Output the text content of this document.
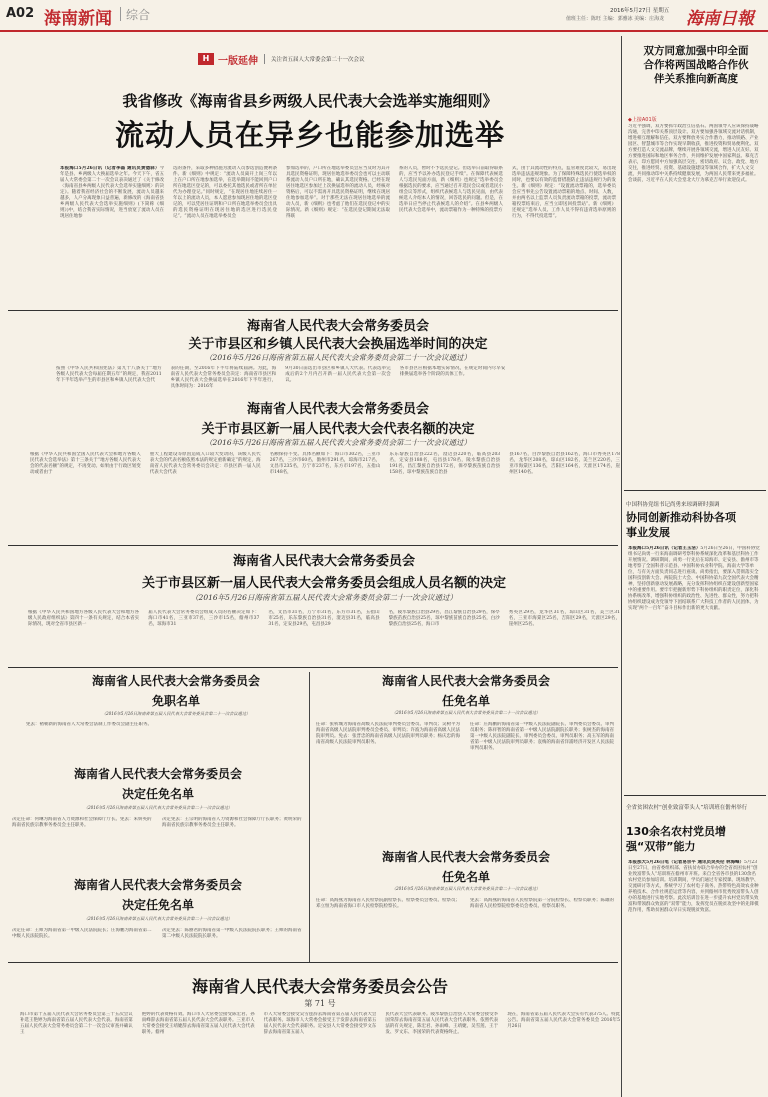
A02 海南新闻 综合	2016年5月27日 星期五
值班主任：陈旺 主编：郭雅冰 美编：庄海龙 海南日報
H 一版延伸 关注省五届人大常委会第二十一次会议
我省修改《海南省县乡两级人民代表大会选举实施细则》
流动人员在异乡也能参加选举
本报海口5月26日讯（记者李磊 通讯员黄德驿）今年是县、乡两级人大换届选举之年。今天下午，省五届人大常委会第二十一次会议表决通过了《关于修改〈海南省县乡两级人民代表大会选举实施细则〉的决定》。随着我省经济社会的不断发展，流动人员越来越多，人户分离现象日益普遍，新修改的《海南省县乡两级人民代表大会选举实施细则》(下简称《细则》)中，结合我省实际情况，进当放宽了流动人员在现居住地参
选的条件，采取多种措施为流动人员参选创造便利条件。新《细则》中规定：“流动人员离开上岗三年以上在户口所在地参加选举，在选举期间不能回到户口所在地选区登记的，可以委托其他选民或者所在单位代为办理登记。”同时规定，“在现居住地连续居住一年以上的流动人员，本人愿意参加现居住地的选区登记的，可以凭居住证明和户口所在地选举委员会出具的选民资格证明在现居住地的选区进行选民登记”。“流动人员在地选举委员会
参加选举的，户口所在地选举委员会应当及时为其开具选民资格证明，现居住地选举委员会也可以主动联系流动人员户口所在地，确认其选民资格。已经在现居住地选区参加过上次换届选举的流动人员，经核对资格后，可以不需再开具选民资格证明，继续在现居住地参加选举”。对于那些无法在现居住地选举的流动人员，新《细则》也考虑了他们在选民登记中的实际情况。新《细则》规定：“在选民登记期间无法取得联
系的人员，暂时不予选民登记。但选举日前取得联系的，应当予以补办选民登记手续”。在保障代表候选人与选民见面方面，新《细则》也规定“选举委员会根据选民的要求，应当通过召开选民会议或者选民小组会议等形式，组织代表候选人与选民见面，由代表候选人介绍本人的情况，回答选民的问题。但是，在选举日应当停止代表候选人的介绍”。在县乡两级人民代表大会选举中，流动票箱作为一种特殊的投票方
式，由于其流动性的特点，监管难度比较大，易出现选举违法违规现象。为了保障特殊选民行使选举权的同时，也要以有效的监督措施防止违法违规行为的发生。新《细则》规定：“设置流动票箱的，选举委员会应当事先公告设置流动票箱的地点、时间、人数，并由两名以上监票人员负责流动票箱的投票，流动票箱投票结束后，应当立即送回投票站”。新《细则》还规定“选举人员、工作人员不得有违背选举原则的行为，不得代投选票”。
海南省人民代表大会常务委员会
关于市县区和乡镇人民代表大会换届选举时间的决定
（2016年5月26日海南省第五届人民代表大会常务委员会第二十一次会议通过）
按照《中华人民共和国宪法》第九十八条关于“地方各级人民代表大会每届任期五年”的规定，我省2011年下半年选举产生的市县区和乡镇人民代表大会代
表的任期，至2016年下半年将陆续届满。为此，海南省人民代表大会常务委员会决定：海南省市县区和乡镇人民代表大会换届选举在2016年下半年进行，具体时间为：2016年
9月30日前选出市县区和乡镇人大代表。代表选举完成后的2个月内召开新一届人民代表大会第一次会议。
各市县区应根据本地实际情况，在规定时间内尽早安排换届选举各个阶段的具体工作。
海南省人民代表大会常务委员会
关于市县区新一届人民代表大会代表名额的决定
（2016年5月26日海南省第五届人民代表大会常务委员会第二十一次会议通过）
根据《中华人民共和国全国人民代表大会和地方各级人民代表大会选举法》第十三条关于“地方各级人民代表大会的代表名额”的规定，不再变动。如果由于行政区划变动或者由于
重大工程建设等原因造成人口较大变动的，该级人民代表大会的代表名额依照本法的规定重新确定”的规定，海南省人民代表大会常务委员会决定：市县区新一届人民代表大会代表
名额保持不变。具体名额如下：海口市302名，三亚市267名，三沙市60名，儋州市291名，琼海市217名，文昌市235名，万宁市237名，东方市197名，五指山市148名，
乐东黎族自治县222名，澄迈县220名，临高县203名，定安县188名，屯昌县178名，陵水黎族自治县191名，昌江黎族自治县172名，保亭黎族苗族自治县158名，琼中黎族苗族自治县
县167名，白沙黎族自治县162名，海口市秀英区178名，龙华区208名，琼山区182名，美兰区220名，三亚市海棠区136名，吉阳区164名，天涯区174名，崖州区140名。
海南省人民代表大会常务委员会
关于市县区新一届人民代表大会常务委员会组成人员名额的决定
（2016年5月26日海南省第五届人民代表大会常务委员会第二十一次会议通过）
根据《中华人民共和国地方各级人民代表大会和地方各级人民政府组织法》第四十一条有关规定，结合本省实际情况，现对全省市县区新一
届人民代表大会常务委员会组成人员的名额决定如下：海口市41名，三亚市37名，三沙市15名，儋州市37名，琼海市31
名，文昌市31名，万宁市31名，东方市31名，五指山市25名，乐东黎族自治县31名，澄迈县31名，临高县31名，定安县29名，屯昌县29
名，陵水黎族自治县29名，昌江黎族自治县29名，保亭黎族苗族自治县25名，琼中黎族苗族自治县25名，白沙黎族自治县25名，海口市
秀英区29名，龙华区31名，琼山区31名，美兰区31名，三亚市海棠区25名，吉阳区29名，天涯区29名，崖州区25名。
海南省人民代表大会常务委员会
免职名单
（2016年5月26日海南省第五届人民代表大会常务委员会第二十一次会议通过）
免去：褚朝新的海南省人大常委会法制工作委员会副主任职务。
海南省人民代表大会常务委员会
任免名单
（2016年5月26日海南省第五届人民代表大会常务委员会第二十一次会议通过）
任命：张析城为海南省高级人民法院审判委员会委员、审判员；吴树平为海南省高级人民法院审判委员会委员、审判员；许波为海南省高级人民法院审判员。免去：张晋忠的海南省高级人民法院审判员职务；杨庆忠的海南省高级人民法院审判员职务。
任命：庄海鹏的海南省第一中级人民法院副院长、审判委员会委员、审判员职务；陈祥智的海南省第一中级人民法院副院长职务；张树杰的海南省第一中级人民法院副院长、审判委员会委员、审判员职务；高玉军的海南省第一中级人民法院审判员职务；袁梅的海南省洋浦经济开发区人民法院审判员职务。
海南省人民代表大会常务委员会
决定任免名单
（2016年5月26日海南省第五届人民代表大会常务委员会第二十一次会议通过）
决定任命：何琳为海南省人力资源和社会保障厅厅长。免去：朱妍英的海南省民族宗教事务委员会主任职务。
决定免去：王宗明的海南省人力资源和社会保障厅厅长职务；黄明荣的海南省民族宗教事务委员会主任职务。
海南省人民代表大会常务委员会
任免名单
（2016年5月26日海南省第五届人民代表大会常务委员会第二十一次会议通过）
任命：高海燕为海南省人民检察院副检察长、检察委员会委员、检察员；邓立恒为海南省海口市人民检察院检察长。
免去：高海燕的海南省人民检察院第一分院检察长、检察员职务；陈雄的海南省人民检察院检察委员会委员、检察员职务。
海南省人民代表大会常务委员会
决定任免名单
（2016年5月26日海南省第五届人民代表大会常务委员会第二十一次会议通过）
决定任命：王师为海南省第一中级人民法院院长；庄海鹏为海南省第二中级人民法院院长。
决定免去：陈丽君的海南省第一中级人民法院院长职务；王师的海南省第二中级人民法院院长职务。
海南省人民代表大会常务委员会公告
第 71 号
海口市第十五届人民代表大会常务委员会第三十五次会议补选王艳婷为海南省第五届人民代表大会代表。海南省第五届人民代表大会常务委员会第二十一次会议审查并确认王
艳婷的代表资格有效。海口市人大常委会接受陈宏君、孙雨峰辞去海南省第五届人民代表大会代表职务。三亚市人大常委会接受王靖婕辞去海南省第五届人民代表大会代表职务。儋州
市人大常委会接受吴雪莲辞去海南省第五届人民代表大会代表职务。琼海市人大常委会接受王于发辞去海南省第五届人民代表大会代表职务。定安县人大常委会接受罗文东辞去海南省第五届人
民代表大会代表职务。陵水黎族自治县人大常委会接受李国荣辞去海南省第五届人民代表大会代表职务。依照代表法的有关规定，陈宏君、孙雨峰、王靖婕、吴雪莲、王于发、罗文东、李国荣的代表资格终止。
现在，海南省第五届人民代表大会实有代表375人。特此公告。海南省第五届人民代表大会常务委员会 2016年5月26日
双方同意加强中印全面合作将两国战略合作伙伴关系推向新高度
◆上接A01版
习近平强调，双方要抓牢政治互信基石。两国领导人应该保持战略沟通，完善中印关系顶层设计。双方要加强各领域交流对话机制，增进相互理解和信任。双方要释放务实合作潜力，推动铁路、产业园区、智慧城市等合作实现早期收获，推进投资和贸易便利化。双方要打造人文交流品牌，继续开展各领域交流，增进人民友好。双方要推进国际和地区事务合作，共同维护发展中国家利益。慕克吉表示，印方愿同中方加强高层交往，密切政府、议会、政党、地方交往，推进经贸、投资、基础设施建设等领域合作，扩大人文交流，共同推动印中关系持续健康发展，为两国人民带来更多福祉。会谈前，习近平在人民大会堂北大厅为慕克吉举行欢迎仪式。
中国科协党组书记尚勇来琼调研时强调
协同创新推动科协各项事业发展
本报海口5月26日讯（记者王玉洁）5月26日至26日，中国科协党组书记尚勇一行来海南调研考察科协系统深化改革和基层科协工作开展情况。调研期间，尚勇一行先后在琼海市、定安县、儋州市等地考察了全国科普示范县、中国科协农业科学院、海南大学等单位，与有关方面负责同志进行座谈。尚勇指出，要深入贯彻落实全国科技创新大会、两院院士大会、中国科协第九次全国代表大会精神，坚持创新驱动发展战略，充分发挥科协组织在建设创新型国家中的重要作用。要牢牢把握新形势下科协组织的职责定位，深化科协系统改革，增强科协组织的政治性、先进性、群众性，努力把科协组织建设成为党领导下团结联系广大科技工作者的人民团体，为实现“两个一百年”奋斗目标作出新的更大贡献。
全省贫困农村“创业致富带头人”培训班在儋州举行
130余名农村党员增强“双带”能力
本报那大5月26日电（记者易宗平 通讯员吴英伦 林海峰）5月23日至27日，由省委组织部、省扶贫办联合举办的全省贫困农村“创业致富带头人”培训班在儋州市开班。来自全省各市县的130余名农村党员参加培训。培训期间，学员们通过专家授课、现场教学、交流研讨等方式，系统学习了农村电子商务、热带特色高效农业种养殖技术、合作社规范运营等内容，并到儋州市优秀致富带头人创办的基地进行实地考察。此次培训旨在进一步提升农村党员带头致富和带领群众致富的“双带”能力，发挥党员在脱贫攻坚中的先锋模范作用，帮助贫困群众早日实现脱贫致富。
